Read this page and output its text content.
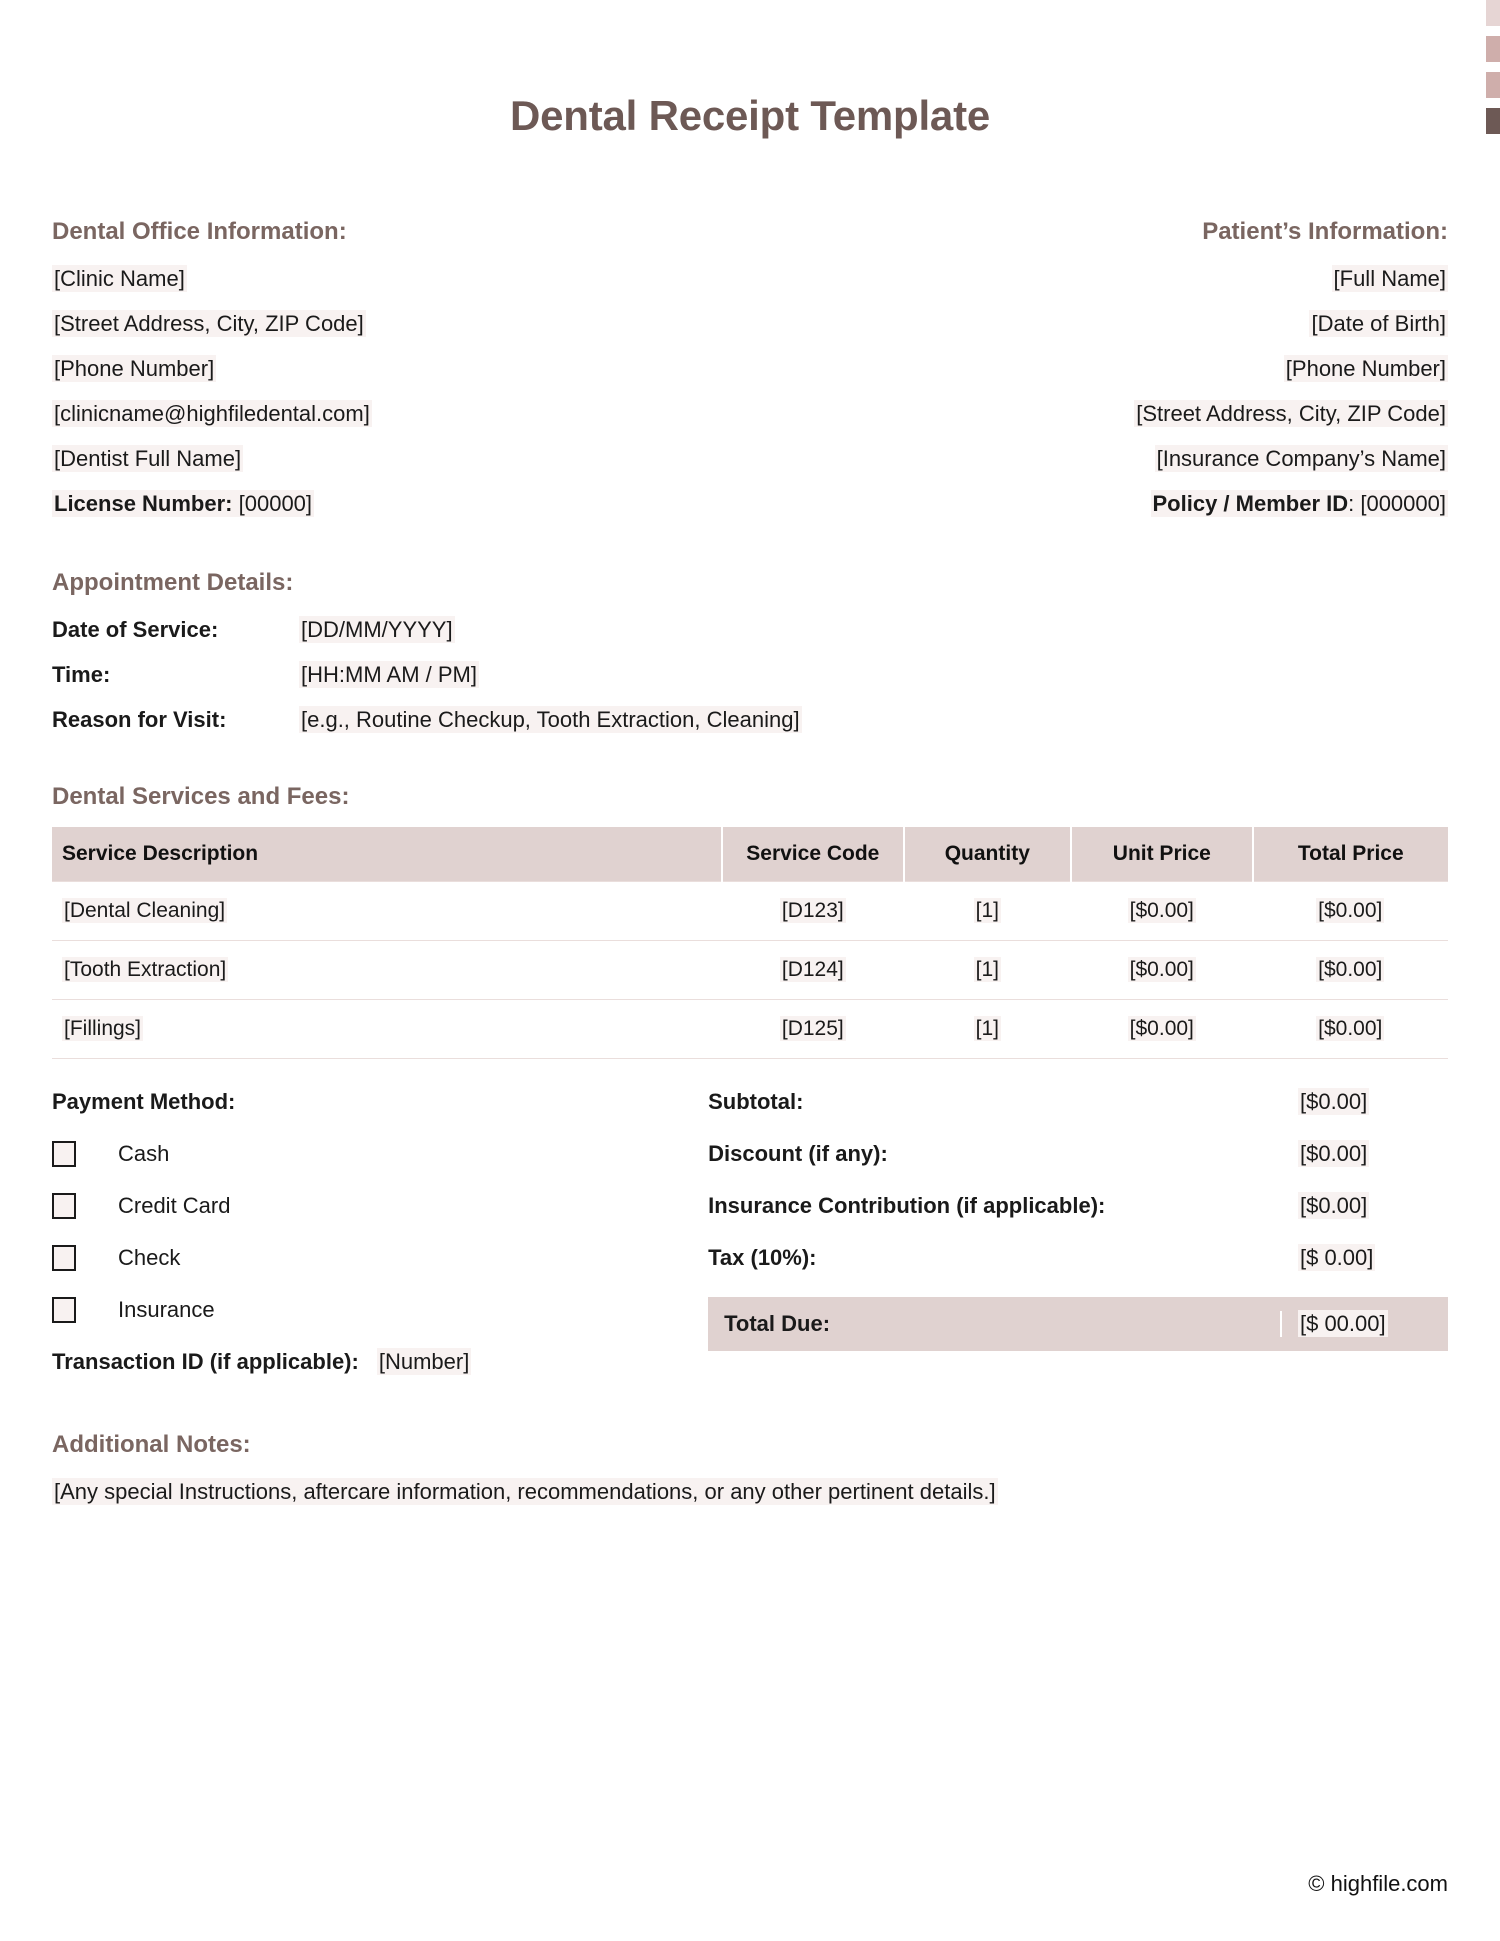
Dental Receipt Template
Dental Office Information:
[Clinic Name]
[Street Address, City, ZIP Code]
[Phone Number]
[clinicname@highfiledental.com]
[Dentist Full Name]
License Number: [00000]
Patient’s Information:
[Full Name]
[Date of Birth]
[Phone Number]
[Street Address, City, ZIP Code]
[Insurance Company’s Name]
Policy / Member ID: [000000]
Appointment Details:
Date of Service:	[DD/MM/YYYY]
Time:	[HH:MM AM / PM]
Reason for Visit:	[e.g., Routine Checkup, Tooth Extraction, Cleaning]
Dental Services and Fees:
Service Description	Service Code	Quantity	Unit Price	Total Price
[Dental Cleaning]	[D123]	[1]	[$0.00]	[$0.00]
[Tooth Extraction]	[D124]	[1]	[$0.00]	[$0.00]
[Fillings]	[D125]	[1]	[$0.00]	[$0.00]
Payment Method:
Cash
Credit Card
Check
Insurance
Transaction ID (if applicable): [Number]
Subtotal:	[$0.00]
Discount (if any):	[$0.00]
Insurance Contribution (if applicable):	[$0.00]
Tax (10%):	[$ 0.00]
Total Due:	[$ 00.00]
Additional Notes:
[Any special Instructions, aftercare information, recommendations, or any other pertinent details.]
© highfile.com
